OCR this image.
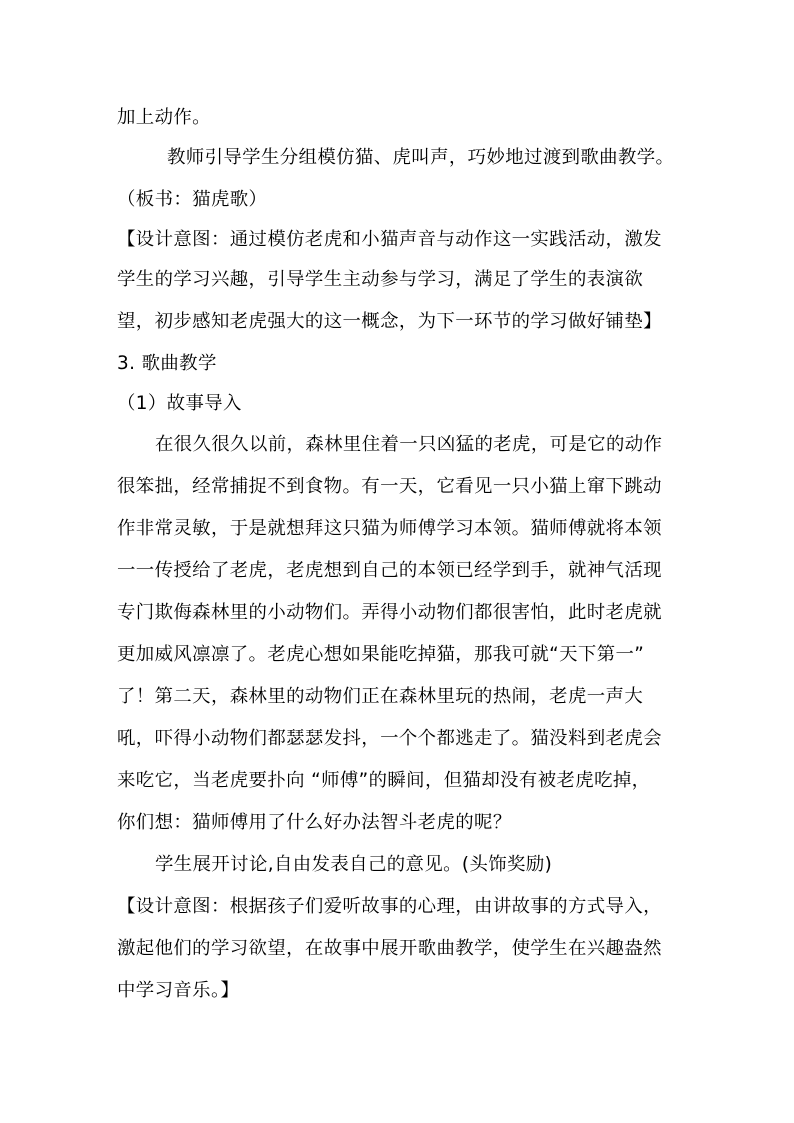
加上动作。
教师引导学生分组模仿猫、虎叫声，巧妙地过渡到歌曲教学。
（板书：猫虎歌）
【设计意图：通过模仿老虎和小猫声音与动作这一实践活动，激发
学生的学习兴趣，引导学生主动参与学习，满足了学生的表演欲
望，初步感知老虎强大的这一概念，为下一环节的学习做好铺垫】
3. 歌曲教学
（1）故事导入
在很久很久以前，森林里住着一只凶猛的老虎，可是它的动作
很笨拙，经常捕捉不到食物。有一天，它看见一只小猫上窜下跳动
作非常灵敏，于是就想拜这只猫为师傅学习本领。猫师傅就将本领
一一传授给了老虎，老虎想到自己的本领已经学到手，就神气活现
专门欺侮森林里的小动物们。弄得小动物们都很害怕，此时老虎就
更加威风凛凛了。老虎心想如果能吃掉猫，那我可就“天下第一”
了！第二天，森林里的动物们正在森林里玩的热闹，老虎一声大
吼，吓得小动物们都瑟瑟发抖，一个个都逃走了。猫没料到老虎会
来吃它，当老虎要扑向 “师傅”的瞬间，但猫却没有被老虎吃掉，
你们想：猫师傅用了什么好办法智斗老虎的呢？
学生展开讨论,自由发表自己的意见。(头饰奖励)
【设计意图：根据孩子们爱听故事的心理，由讲故事的方式导入，
激起他们的学习欲望，在故事中展开歌曲教学，使学生在兴趣盎然
中学习音乐。】
